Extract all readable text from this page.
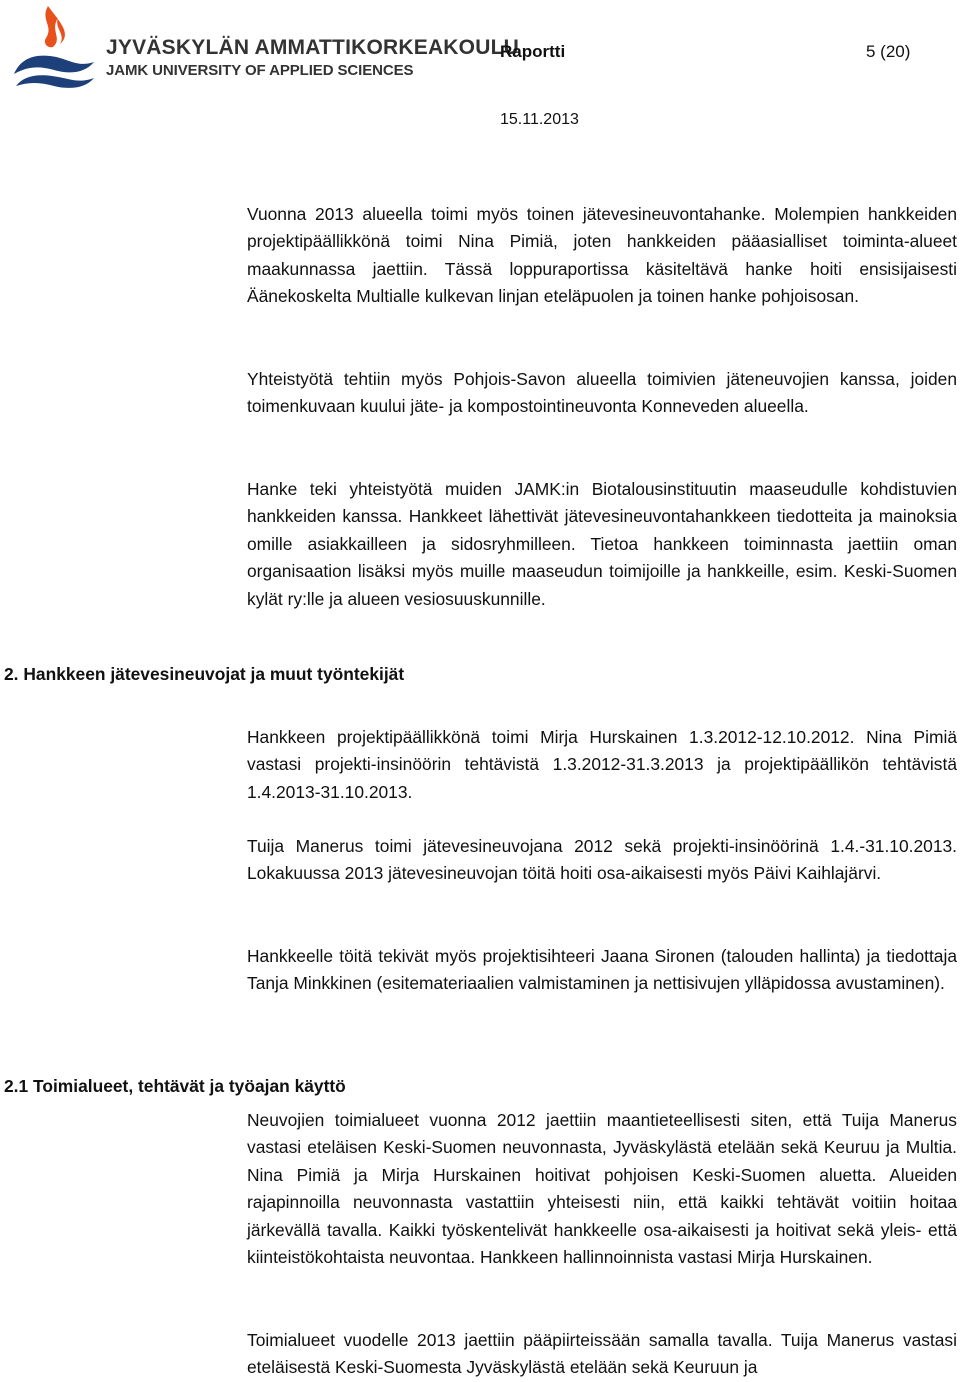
JYVÄSKYLÄN AMMATTIKORKEAKOULU
JAMK UNIVERSITY OF APPLIED SCIENCES
Raportti	5 (20)
15.11.2013

Vuonna 2013 alueella toimi myös toinen jätevesineuvontahanke. Molempien hankkeiden projektipäällikkönä toimi Nina Pimiä, joten hankkeiden pääasialliset toiminta-alueet maakunnassa jaettiin. Tässä loppuraportissa käsiteltävä hanke hoiti ensisijaisesti Äänekoskelta Multialle kulkevan linjan eteläpuolen ja toinen hanke pohjoisosan.

Yhteistyötä tehtiin myös Pohjois-Savon alueella toimivien jäteneuvojien kanssa, joiden toimenkuvaan kuului jäte- ja kompostointineuvonta Konneveden alueella.

Hanke teki yhteistyötä muiden JAMK:in Biotalousinstituutin maaseudulle kohdistuvien hankkeiden kanssa. Hankkeet lähettivät jätevesineuvontahankkeen tiedotteita ja mainoksia omille asiakkailleen ja sidosryhmilleen. Tietoa hankkeen toiminnasta jaettiin oman organisaation lisäksi myös muille maaseudun toimijoille ja hankkeille, esim. Keski-Suomen kylät ry:lle ja alueen vesiosuuskunnille.

2. Hankkeen jätevesineuvojat ja muut työntekijät

Hankkeen projektipäällikkönä toimi Mirja Hurskainen 1.3.2012-12.10.2012. Nina Pimiä vastasi projekti-insinöörin tehtävistä 1.3.2012-31.3.2013 ja projektipäällikön tehtävistä 1.4.2013-31.10.2013.

Tuija Manerus toimi jätevesineuvojana 2012 sekä projekti-insinöörinä 1.4.-31.10.2013. Lokakuussa 2013 jätevesineuvojan töitä hoiti osa-aikaisesti myös Päivi Kaihlajärvi.

Hankkeelle töitä tekivät myös projektisihteeri Jaana Sironen (talouden hallinta) ja tiedottaja Tanja Minkkinen (esitemateriaalien valmistaminen ja nettisivujen ylläpidossa avustaminen).

2.1 Toimialueet, tehtävät ja työajan käyttö

Neuvojien toimialueet vuonna 2012 jaettiin maantieteellisesti siten, että Tuija Manerus vastasi eteläisen Keski-Suomen neuvonnasta, Jyväskylästä etelään sekä Keuruu ja Multia. Nina Pimiä ja Mirja Hurskainen hoitivat pohjoisen Keski-Suomen aluetta. Alueiden rajapinnoilla neuvonnasta vastattiin yhteisesti niin, että kaikki tehtävät voitiin hoitaa järkevällä tavalla. Kaikki työskentelivät hankkeelle osa-aikaisesti ja hoitivat sekä yleis- että kiinteistökohtaista neuvontaa. Hankkeen hallinnoinnista vastasi Mirja Hurskainen.

Toimialueet vuodelle 2013 jaettiin pääpiirteissään samalla tavalla. Tuija Manerus vastasi eteläisestä Keski-Suomesta Jyväskylästä etelään sekä Keuruun ja
